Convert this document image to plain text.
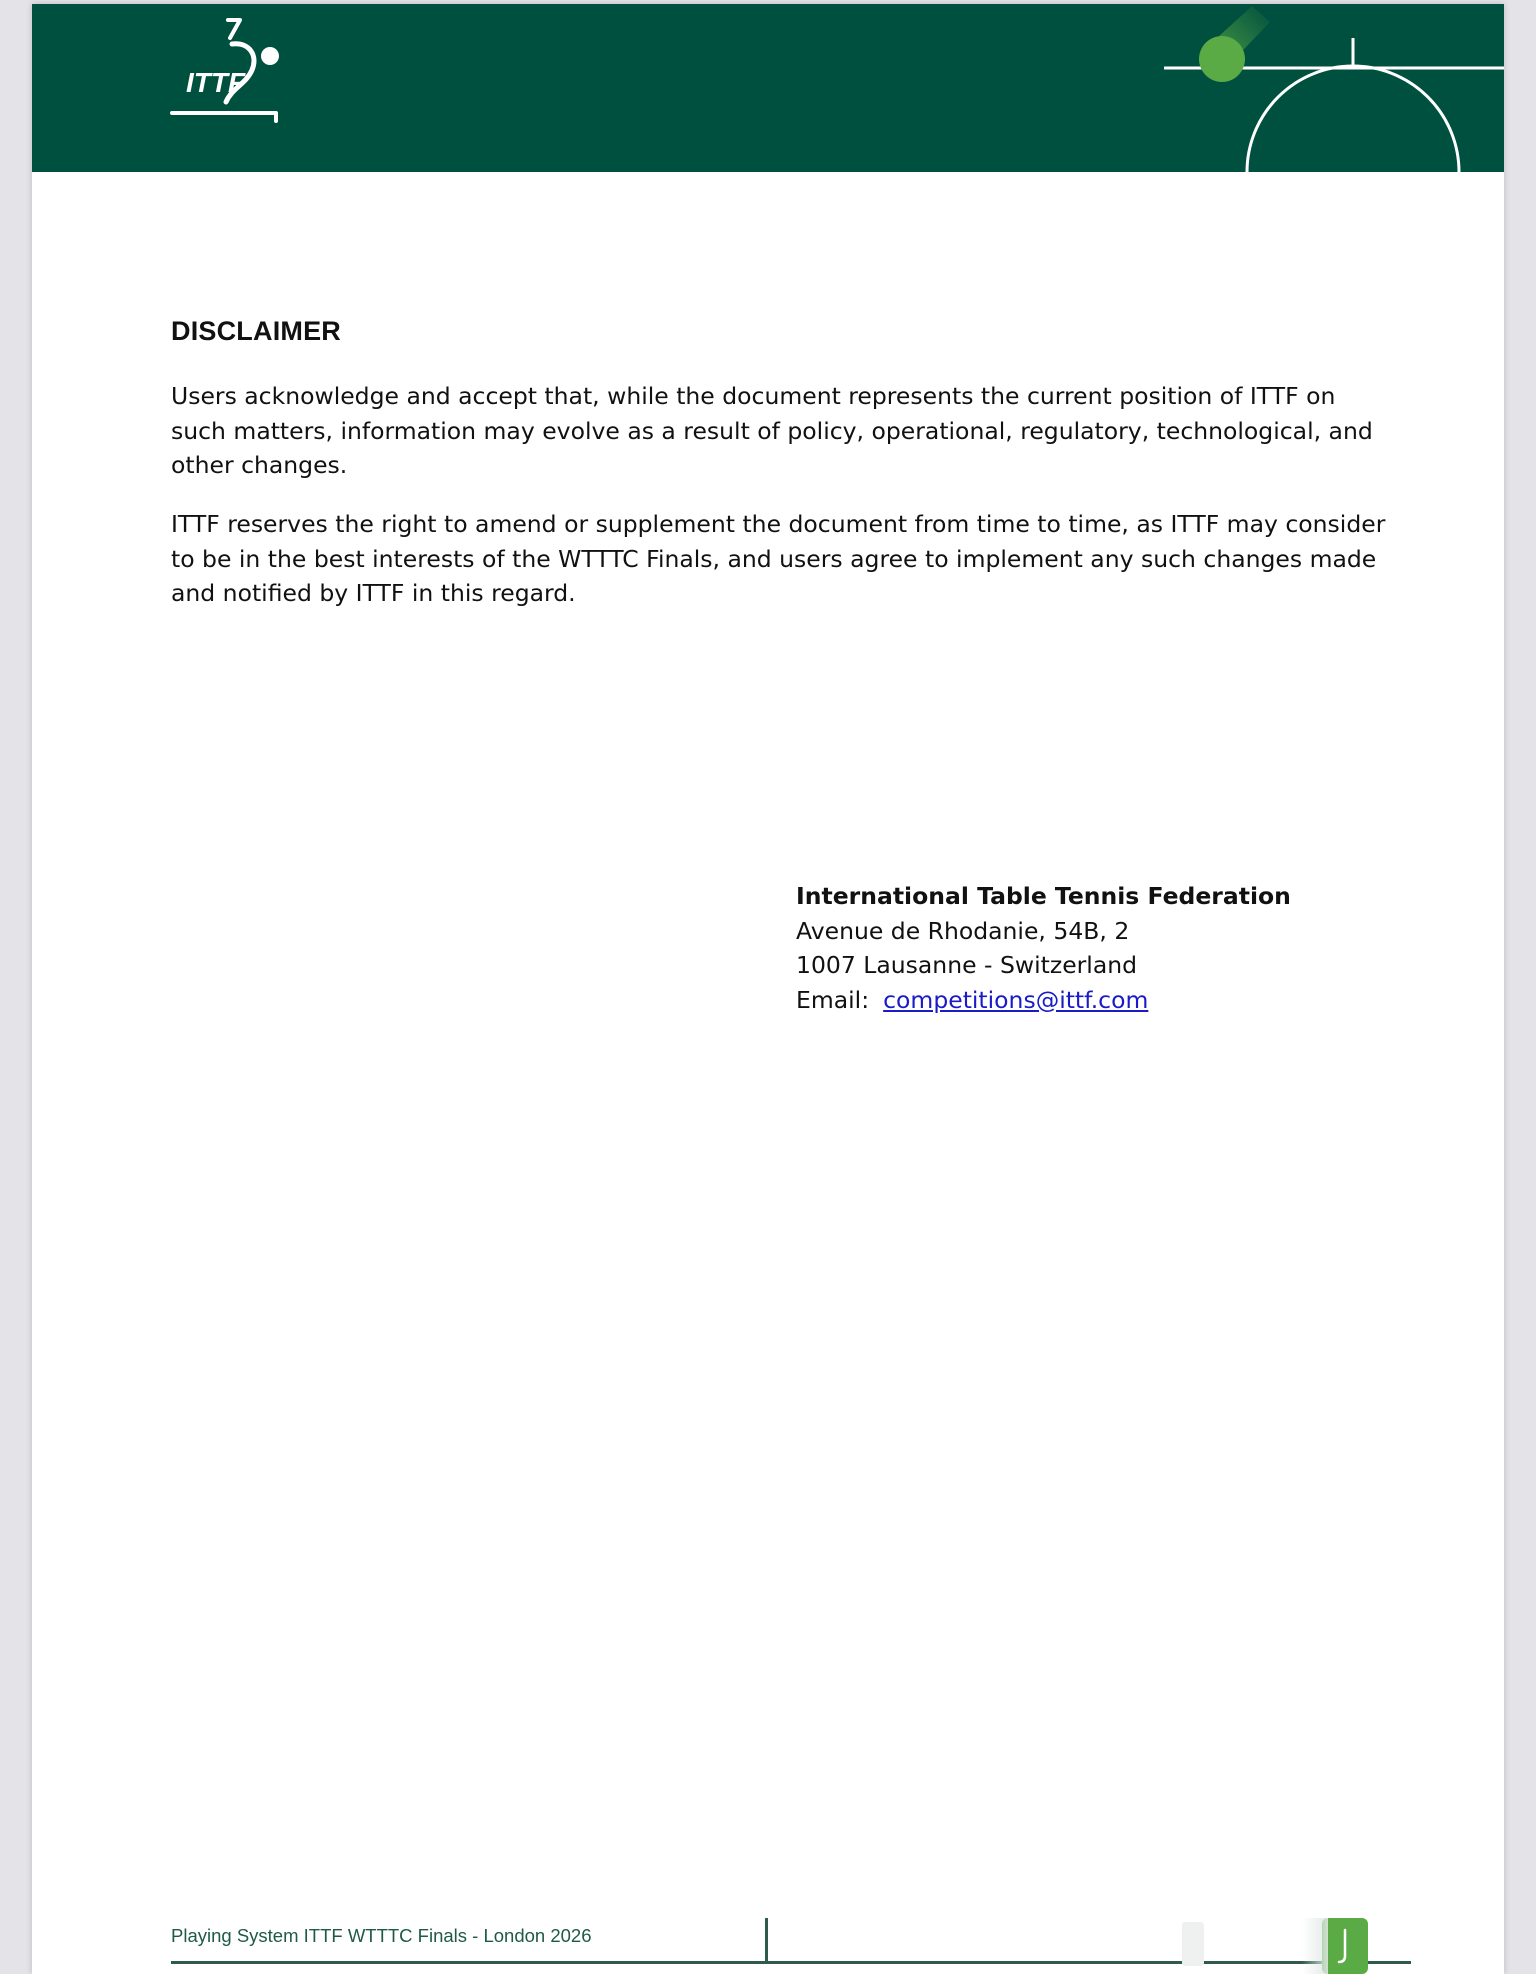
ITTF
DISCLAIMER

Users acknowledge and accept that, while the document represents the current position of ITTF on such matters, information may evolve as a result of policy, operational, regulatory, technological, and other changes.

ITTF reserves the right to amend or supplement the document from time to time, as ITTF may consider to be in the best interests of the WTTTC Finals, and users agree to implement any such changes made and notified by ITTF in this regard.

International Table Tennis Federation
Avenue de Rhodanie, 54B, 2
1007 Lausanne - Switzerland
Email: competitions@ittf.com
Playing System ITTF WTTTC Finals - London 2026
